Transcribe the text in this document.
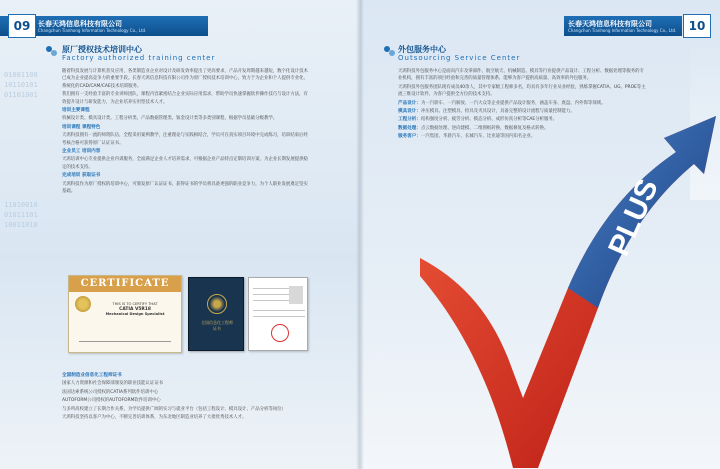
01001100
10110101
01101001
11010010
01011101
10011010
长春天鸿信息科技有限公司
Changchun Tianhong Information Technology Co., Ltd.
09
原厂授权技术培训中心
Factory authorized training center

随着科技发展与计算机普及应用，各类制造业企业对设计及研发效率提出了更高要求，产品开发周期越来越短，数字化设计技术已成为企业提高竞争力的重要手段。长春天鸿信息科技有限公司作为原厂授权技术培训中心，致力于为企业和个人提供专业化、系统化的CAD/CAM/CAE技术培训服务。

我们拥有一支经验丰富的专业讲师团队，课程内容紧密结合企业实际应用需求，帮助学员快速掌握软件操作技巧与设计方法，有效提升设计与研发能力，为企业培养实用型技术人才。

培训主要课程

机械设计类、模具设计类、工程分析类、产品数据管理类、钣金设计类等多类别课程，根据学员基础分级教学。

培训课程 课程特色

天鸿科技拥有一流的师资队伍，全程采用案例教学，注重理论与实践相结合，学员可在真实项目环境中完成练习，培训结束后经考核合格可获得原厂认证证书。

企业员工 培训内容

天鸿培训中心专业提供企业内训服务，全面满足企业人才培养需求，可根据企业产品特点定制培训方案，为企业长期发展提供稳定的技术支持。

完成培训 获取证书

天鸿科技作为原厂授权的培训中心，可颁发原厂认证证书，获得证书的学员将具备更强的职业竞争力，为个人职业发展奠定坚实基础。

CERTIFICATE
THIS IS TO CERTIFY THAT
CATIA V5R18
Mechanical Design Specialist
全国信息化工程师
证书

全国制造业信息化工程师证书

国家人力资源和社会保障部颁发的职业技能认证证书

法国达索系统公司授权的CATIA系列软件培训中心

AUTOFORM公司授权的AUTOFORM软件培训中心

与多所高校建立了长期合作关系，为学员提供广阔的实习与就业平台（包括工程设计、模具设计、产品分析等岗位）

天鸿科技坚持以客户为中心，不断完善培训体系，为东北地区制造业培养了大批优秀技术人才。

长春天鸿信息科技有限公司
Changchun Tianhong Information Technology Co., Ltd.	10
外包服务中心
Outsourcing Service Center
PLUS

天鸿科技外包服务中心是面向汽车及零部件、航空航天、机械制造、模具等行业提供产品设计、工程分析、数据处理等服务的专业机构，拥有丰富的项目经验和完善的质量管理体系，能够为客户提供高质量、高效率的外包服务。

天鸿科技外包服务团队现有成员40余人，其中专家级工程师多名，均具有多年行业从业经验，熟练掌握CATIA、UG、PROE等主流三维设计软件，为客户提供全方位的技术支持。

产品设计：为一汽轿车、一汽解放、一汽大众等企业提供产品设计服务，涵盖车身、底盘、内外饰等领域。

模具设计：冲压模具、注塑模具、检具及夹具设计，具备完整的设计流程与质量控制能力。

工程分析：结构强度分析、疲劳分析、模态分析、成形仿真分析等CAE分析服务。

数据处理：点云数据处理、逆向建模、二维图纸转换、数据修复及格式转换。

服务客户：一汽集团、华晨汽车、长城汽车、比亚迪等国内知名企业。
